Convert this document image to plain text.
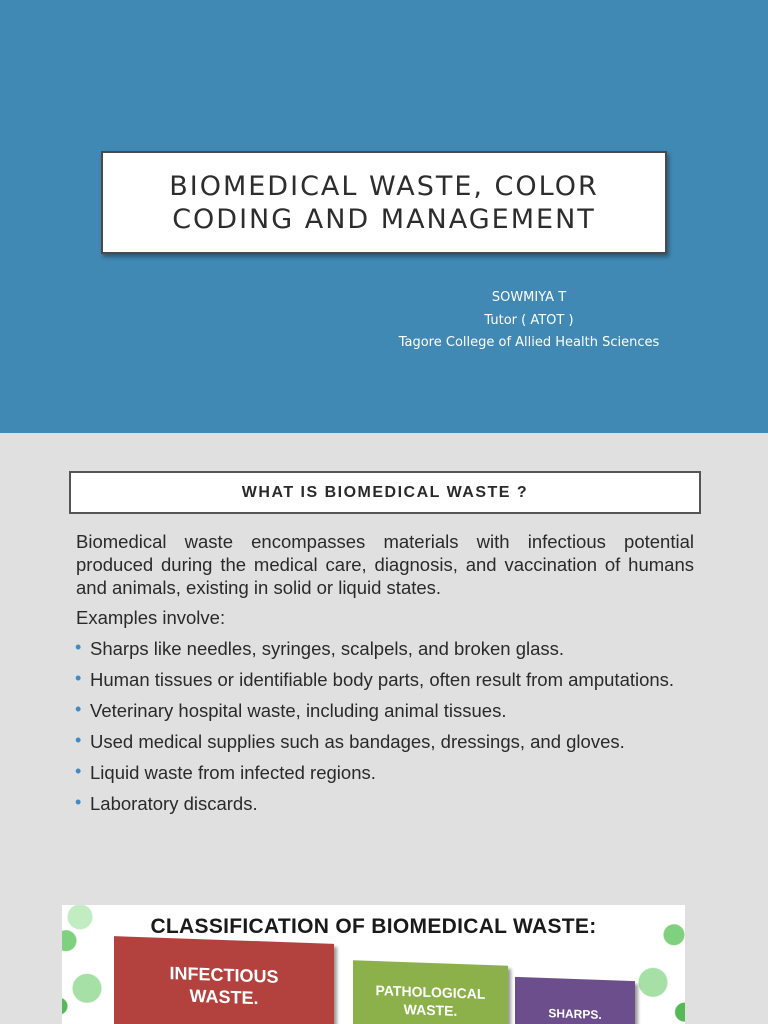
BIOMEDICAL WASTE, COLOR
CODING AND MANAGEMENT
SOWMIYA T
Tutor ( ATOT )
Tagore College of Allied Health Sciences
WHAT IS BIOMEDICAL WASTE ?

Biomedical waste encompasses materials with infectious potential produced during the medical care, diagnosis, and vaccination of humans and animals, existing in solid or liquid states.

Examples involve:

• Sharps like needles, syringes, scalpels, and broken glass.
• Human tissues or identifiable body parts, often result from amputations.
• Veterinary hospital waste, including animal tissues.
• Used medical supplies such as bandages, dressings, and gloves.
• Liquid waste from infected regions.
• Laboratory discards.
CLASSIFICATION OF BIOMEDICAL WASTE:
INFECTIOUS
WASTE.	PATHOLOGICAL
WASTE.	SHARPS.
